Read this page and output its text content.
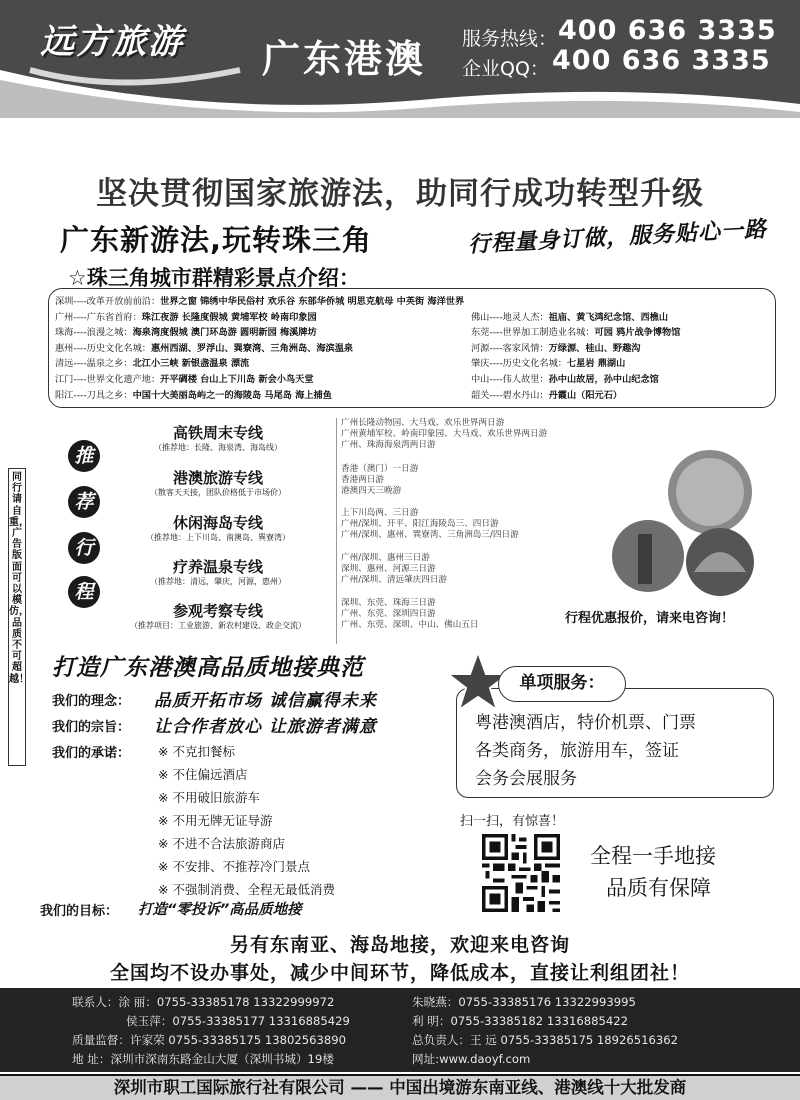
远方旅游 广东港澳 服务热线： 400 636 3335
企业QQ： 400 636 3335
坚决贯彻国家旅游法，助同行成功转型升级
广东新游法,玩转珠三角	行程量身订做，服务贴心一路
☆珠三角城市群精彩景点介绍：
深圳----改革开放前前沿：世界之窗 锦绣中华民俗村 欢乐谷 东部华侨城 明思克航母 中英街 海洋世界
广州----广东省首府：珠江夜游 长隆度假城 黄埔军校 岭南印象园	佛山----地灵人杰：祖庙、黄飞鸿纪念馆、西樵山
珠海----浪漫之城：海泉湾度假城 澳门环岛游 圆明新园 梅溪牌坊	东莞----世界加工制造业名城：可园 鸦片战争博物馆
惠州----历史文化名城：惠州西湖、罗浮山、巽寮湾、三角洲岛、海滨温泉	河源----客家风情：万绿源、桂山、野趣沟
清远----温泉之乡：北江小三峡 新银盏温泉 漂流	肇庆----历史文化名城：七星岩 鼎湖山
江门----世界文化遗产地：开平碉楼 台山上下川岛 新会小鸟天堂	中山----伟人故里：孙中山故居，孙中山纪念馆
阳江----刀具之乡：中国十大美丽岛屿之一的海陵岛 马尾岛 海上捕鱼	韶关----碧水丹山：丹霞山（阳元石）
同行请自重，广告版面可以模仿，品质不可超越！
推
荐
行
程
高铁周末专线
（推荐地：长隆、海泉湾、海岛线）
广州长隆动物园、大马戏、欢乐世界两日游
广州黄埔军校、岭南印象园、大马戏、欢乐世界两日游
广州、珠海海泉湾两日游
港澳旅游专线
（散客天天接，团队价格低于市场价）
香港（澳门）一日游
香港两日游
港澳四天三晚游
休闲海岛专线
（推荐地：上下川岛、南澳岛、巽寮湾）
上下川岛两、三日游
广州/深圳、开平、阳江海陵岛三、四日游
广州/深圳、惠州、巽寮湾、三角洲岛三/四日游
疗养温泉专线
（推荐地：清远，肇庆，河源，惠州）
广州/深圳、惠州三日游
深圳、惠州、河源三日游
广州/深圳、清远肇庆四日游
参观考察专线
（推荐项目：工业旅游、新农村建设、政企交流）
深圳、东莞、珠海三日游
广州、东莞、深圳四日游
广州、东莞、深圳、中山、佛山五日	行程优惠报价，请来电咨询！
打造广东港澳高品质地接典范
我们的理念： 品质开拓市场 诚信赢得未来
我们的宗旨： 让合作者放心 让旅游者满意
我们的承诺： ※ 不克扣餐标
※ 不住偏远酒店
※ 不用破旧旅游车
※ 不用无牌无证导游
※ 不进不合法旅游商店
※ 不安排、不推荐冷门景点
※ 不强制消费、全程无最低消费
我们的目标： 打造“零投诉”高品质地接
粤港澳酒店，特价机票、门票
各类商务，旅游用车，签证
会务会展服务
单项服务：
扫一扫，有惊喜！
全程一手地接
品质有保障
另有东南亚、海岛地接，欢迎来电咨询
全国均不设办事处，减少中间环节，降低成本，直接让利组团社！
联系人：涂 丽：0755-33385178 13322999972	朱晓燕：0755-33385176 13322993995
侯玉萍：0755-33385177 13316885429	利 明：0755-33385182 13316885422
质量监督：许家荣 0755-33385175 13802563890	总负责人：王 远 0755-33385175 18926516362
地 址：深圳市深南东路金山大厦（深圳书城）19楼	网址:www.daoyf.com
深圳市职工国际旅行社有限公司 —— 中国出境游东南亚线、港澳线十大批发商
